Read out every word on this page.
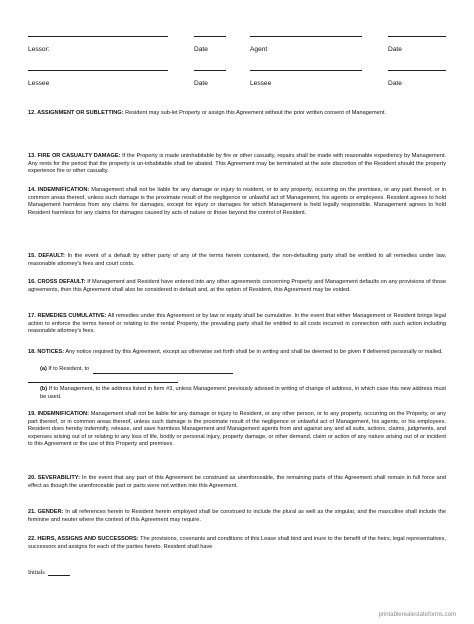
Lessor:	Date	Agent	Date
Lessee	Date	Lessee	Date
12. ASSIGNMENT OR SUBLETTING: Resident may sub-let Property or assign this Agreement without the prior written consent of Management.
13. FIRE OR CASUALTY DAMAGE: If the Property is made uninhabitable by fire or other casualty, repairs shall be made with reasonable expediency by Management. Any rents for the period that the property is un-inhabitable shall be abated. This Agreement may be terminated at the sole discretion of the Resident should the property experience fire or other casualty.
14. INDEMNIFICATION: Management shall not be liable for any damage or injury to resident, or to any property, occurring on the premises, or any part thereof, or in common areas thereof, unless such damage is the proximate result of the negligence or unlawful act of Management, his agents or employees. Resident agrees to hold Management harmless from any claims for damages, except for injury or damages for which Management is held legally responsible. Management agrees to hold Resident harmless for any claims for damages caused by acts of nature or those beyond the control of Resident.
15. DEFAULT: In the event of a default by either party of any of the terms herein contained, the non-defaulting party shall be entitled to all remedies under law, reasonable attorney's fees and court costs.
16. CROSS DEFAULT: If Management and Resident have entered into any other agreements concerning Property and Management defaults on any provisions of those agreements, then this Agreement shall also be considered in default and, at the option of Resident, this Agreement may be voided.
17. REMEDIES CUMULATIVE: All remedies under this Agreement or by law or equity shall be cumulative. In the event that either Management or Resident brings legal action to enforce the terms hereof or relating to the rental Property, the prevailing party shall be entitled to all costs incurred in connection with such action including reasonable attorney's fees.
18. NOTICES: Any notice required by this Agreement, except as otherwise set forth shall be in writing and shall be deemed to be given if delivered personally or mailed.
(a) If to Resident, to
(b) If to Management, to the address listed in Item #3, unless Management previously advised in writing of change of address, in which case this new address must be used.
19. INDEMNIFICATION: Management shall not be liable for any damage or injury to Resident, or any other person, or to any property, occurring on the Property, or any part thereof, or in common areas thereof, unless such damage is the proximate result of the negligence or unlawful act of Management, his agents, or his employees. Resident does hereby indemnify, release, and save harmless Management and Management agents from and against any and all suits, actions, claims, judgments, and expenses arising out of or relating to any loss of life, bodily or personal injury, property damage, or other demand, claim or action of any nature arising out of or incident to this Agreement or the use of this Property and premises.
20. SEVERABILITY: In the event that any part of this Agreement be construed as unenforceable, the remaining parts of this Agreement shall remain in full force and effect as though the unenforceable part or parts were not written into this Agreement.
21. GENDER: In all references herein to Resident herein employed shall be construed to include the plural as well as the singular, and the masculine shall include the feminine and neuter where the context of this Agreement may require.
22. HEIRS, ASSIGNS AND SUCCESSORS: The provisions, covenants and conditions of this Lease shall bind and inure to the benefit of the heirs, legal representatives, successors and assigns for each of the parties hereto. Resident shall have
Initials
printablerealestateforms.com
